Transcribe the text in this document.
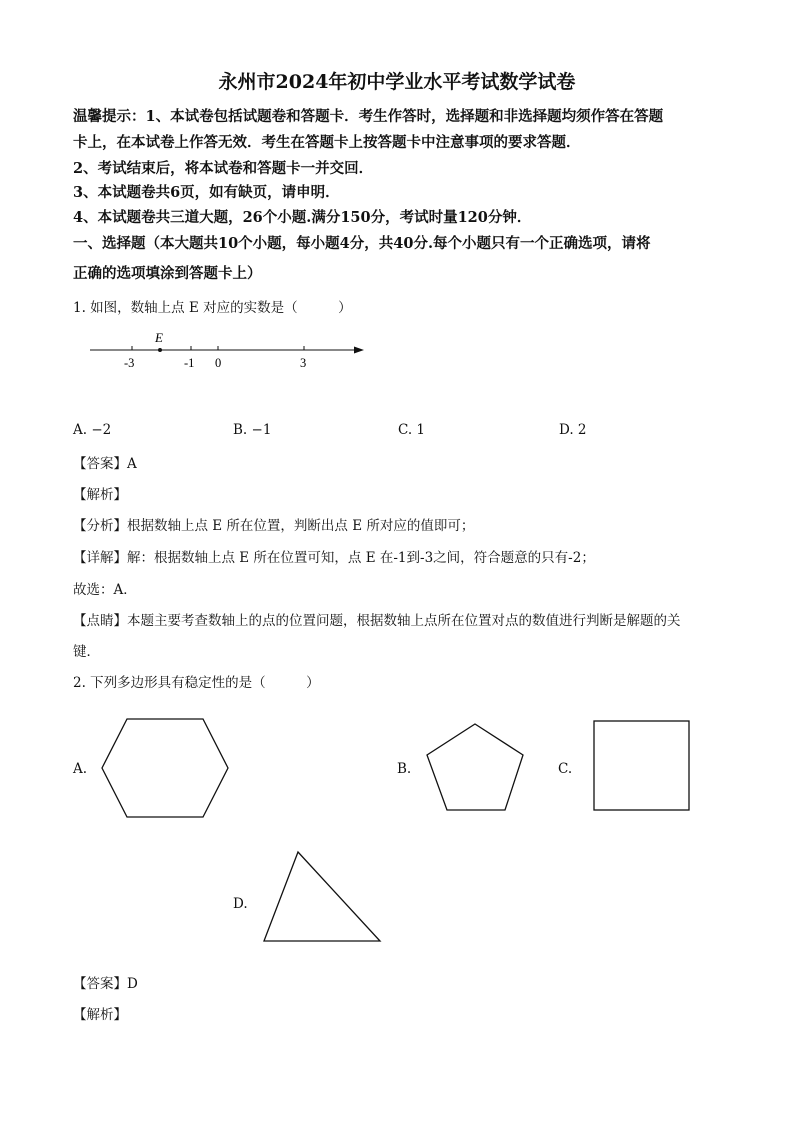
永州市2024年初中学业水平考试数学试卷
温馨提示：1、本试卷包括试题卷和答题卡．考生作答时，选择题和非选择题均须作答在答题
卡上，在本试卷上作答无效．考生在答题卡上按答题卡中注意事项的要求答题．
2、考试结束后，将本试卷和答题卡一并交回．
3、本试题卷共6页，如有缺页，请申明．
4、本试题卷共三道大题，26个小题.满分150分，考试时量120分钟．
一、选择题（本大题共10个小题，每小题4分，共40分.每个小题只有一个正确选项，请将
正确的选项填涂到答题卡上）
1. 如图，数轴上点 E 对应的实数是（　　　）
E
-3	-1 0	3
A. −2	B. −1	C. 1	D. 2
【答案】A
【解析】
【分析】根据数轴上点 E 所在位置，判断出点 E 所对应的值即可；
【详解】解：根据数轴上点 E 所在位置可知，点 E 在-1到-3之间，符合题意的只有-2；
故选：A．
【点睛】本题主要考查数轴上的点的位置问题，根据数轴上点所在位置对点的数值进行判断是解题的关
键．
2. 下列多边形具有稳定性的是（　　　）
A.	B.	C.
D.
【答案】D
【解析】
